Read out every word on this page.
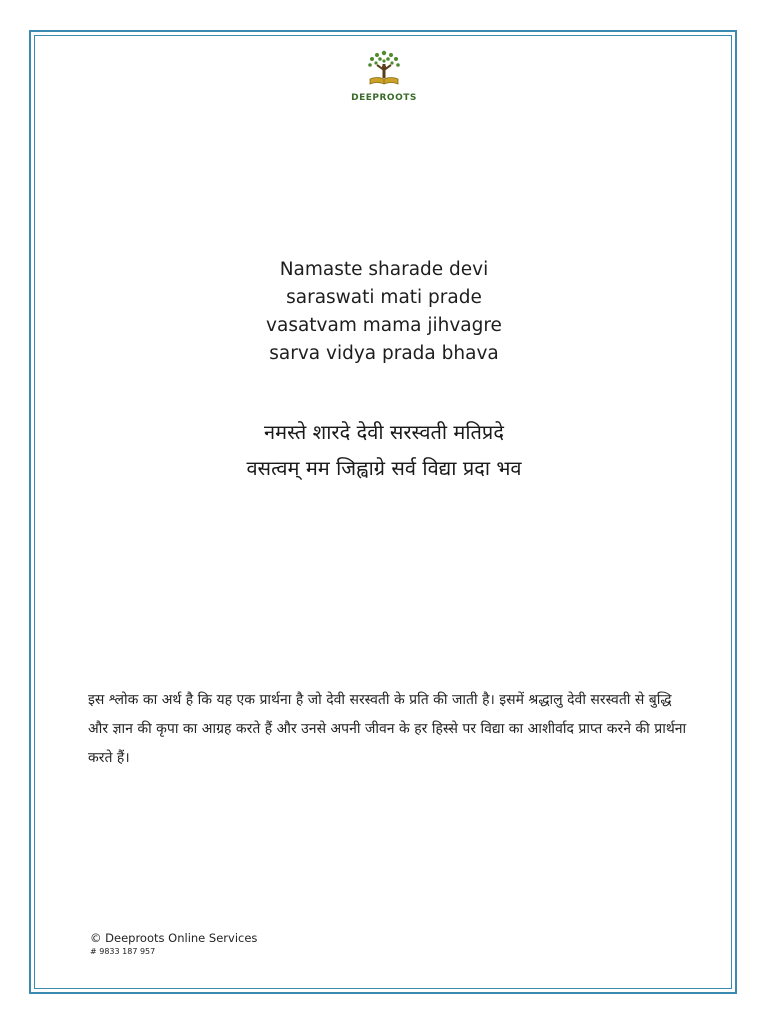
DEEPROOTS
Namaste sharade devi
saraswati mati prade
vasatvam mama jihvagre
sarva vidya prada bhava
नमस्ते शारदे देवी सरस्वती मतिप्रदे
वसत्वम् मम जिह्वाग्रे सर्व विद्या प्रदा भव
इस श्लोक का अर्थ है कि यह एक प्रार्थना है जो देवी सरस्वती के प्रति की जाती है। इसमें श्रद्धालु देवी सरस्वती से बुद्धि और ज्ञान की कृपा का आग्रह करते हैं और उनसे अपनी जीवन के हर हिस्से पर विद्या का आशीर्वाद प्राप्त करने की प्रार्थना करते हैं।
© Deeproots Online Services
# 9833 187 957
